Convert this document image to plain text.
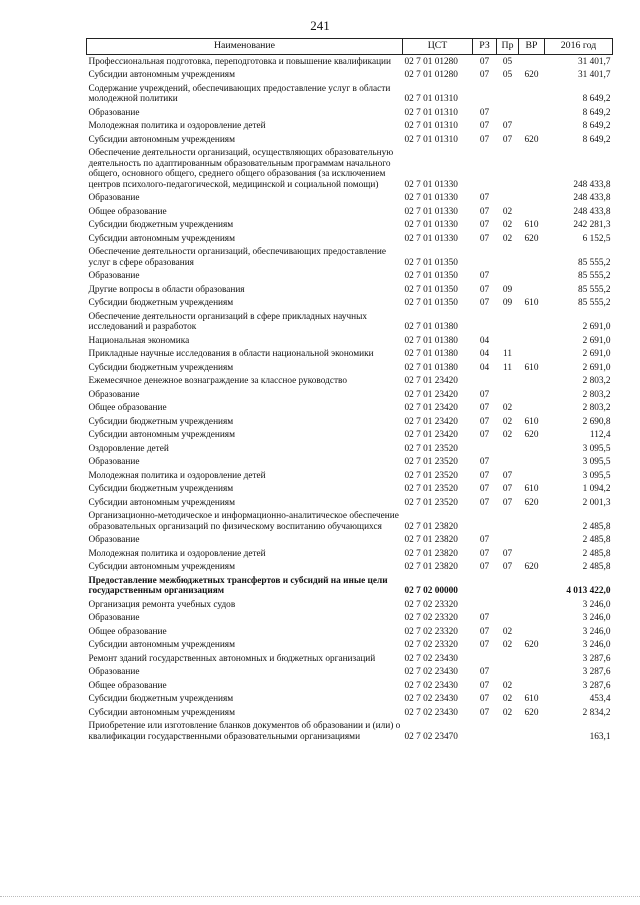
241
Наименование	ЦСТ	РЗ	Пр	ВР	2016 год
Профессиональная подготовка, переподготовка и повышение квалификации	02 7 01 01280	07	05		31 401,7
Субсидии автономным учреждениям	02 7 01 01280	07	05	620	31 401,7
Содержание учреждений, обеспечивающих предоставление услуг в области молодежной политики	02 7 01 01310				8 649,2
Образование	02 7 01 01310	07			8 649,2
Молодежная политика и оздоровление детей	02 7 01 01310	07	07		8 649,2
Субсидии автономным учреждениям	02 7 01 01310	07	07	620	8 649,2
Обеспечение деятельности организаций, осуществляющих образовательную деятельность по адаптированным образовательным программам начального общего, основного общего, среднего общего образования (за исключением центров психолого-педагогической, медицинской и социальной помощи)	02 7 01 01330				248 433,8
Образование	02 7 01 01330	07			248 433,8
Общее образование	02 7 01 01330	07	02		248 433,8
Субсидии бюджетным учреждениям	02 7 01 01330	07	02	610	242 281,3
Субсидии автономным учреждениям	02 7 01 01330	07	02	620	6 152,5
Обеспечение деятельности организаций, обеспечивающих предоставление услуг в сфере образования	02 7 01 01350				85 555,2
Образование	02 7 01 01350	07			85 555,2
Другие вопросы в области образования	02 7 01 01350	07	09		85 555,2
Субсидии бюджетным учреждениям	02 7 01 01350	07	09	610	85 555,2
Обеспечение деятельности организаций в сфере прикладных научных исследований и разработок	02 7 01 01380				2 691,0
Национальная экономика	02 7 01 01380	04			2 691,0
Прикладные научные исследования в области национальной экономики	02 7 01 01380	04	11		2 691,0
Субсидии бюджетным учреждениям	02 7 01 01380	04	11	610	2 691,0
Ежемесячное денежное вознаграждение за классное руководство	02 7 01 23420				2 803,2
Образование	02 7 01 23420	07			2 803,2
Общее образование	02 7 01 23420	07	02		2 803,2
Субсидии бюджетным учреждениям	02 7 01 23420	07	02	610	2 690,8
Субсидии автономным учреждениям	02 7 01 23420	07	02	620	112,4
Оздоровление детей	02 7 01 23520				3 095,5
Образование	02 7 01 23520	07			3 095,5
Молодежная политика и оздоровление детей	02 7 01 23520	07	07		3 095,5
Субсидии бюджетным учреждениям	02 7 01 23520	07	07	610	1 094,2
Субсидии автономным учреждениям	02 7 01 23520	07	07	620	2 001,3
Организационно-методическое и информационно-аналитическое обеспечение образовательных организаций по физическому воспитанию обучающихся	02 7 01 23820				2 485,8
Образование	02 7 01 23820	07			2 485,8
Молодежная политика и оздоровление детей	02 7 01 23820	07	07		2 485,8
Субсидии автономным учреждениям	02 7 01 23820	07	07	620	2 485,8
Предоставление межбюджетных трансфертов и субсидий на иные цели государственным организациям	02 7 02 00000				4 013 422,0
Организация ремонта учебных судов	02 7 02 23320				3 246,0
Образование	02 7 02 23320	07			3 246,0
Общее образование	02 7 02 23320	07	02		3 246,0
Субсидии автономным учреждениям	02 7 02 23320	07	02	620	3 246,0
Ремонт зданий государственных автономных и бюджетных организаций	02 7 02 23430				3 287,6
Образование	02 7 02 23430	07			3 287,6
Общее образование	02 7 02 23430	07	02		3 287,6
Субсидии бюджетным учреждениям	02 7 02 23430	07	02	610	453,4
Субсидии автономным учреждениям	02 7 02 23430	07	02	620	2 834,2
Приобретение или изготовление бланков документов об образовании и (или) о квалификации государственными образовательными организациями	02 7 02 23470				163,1
